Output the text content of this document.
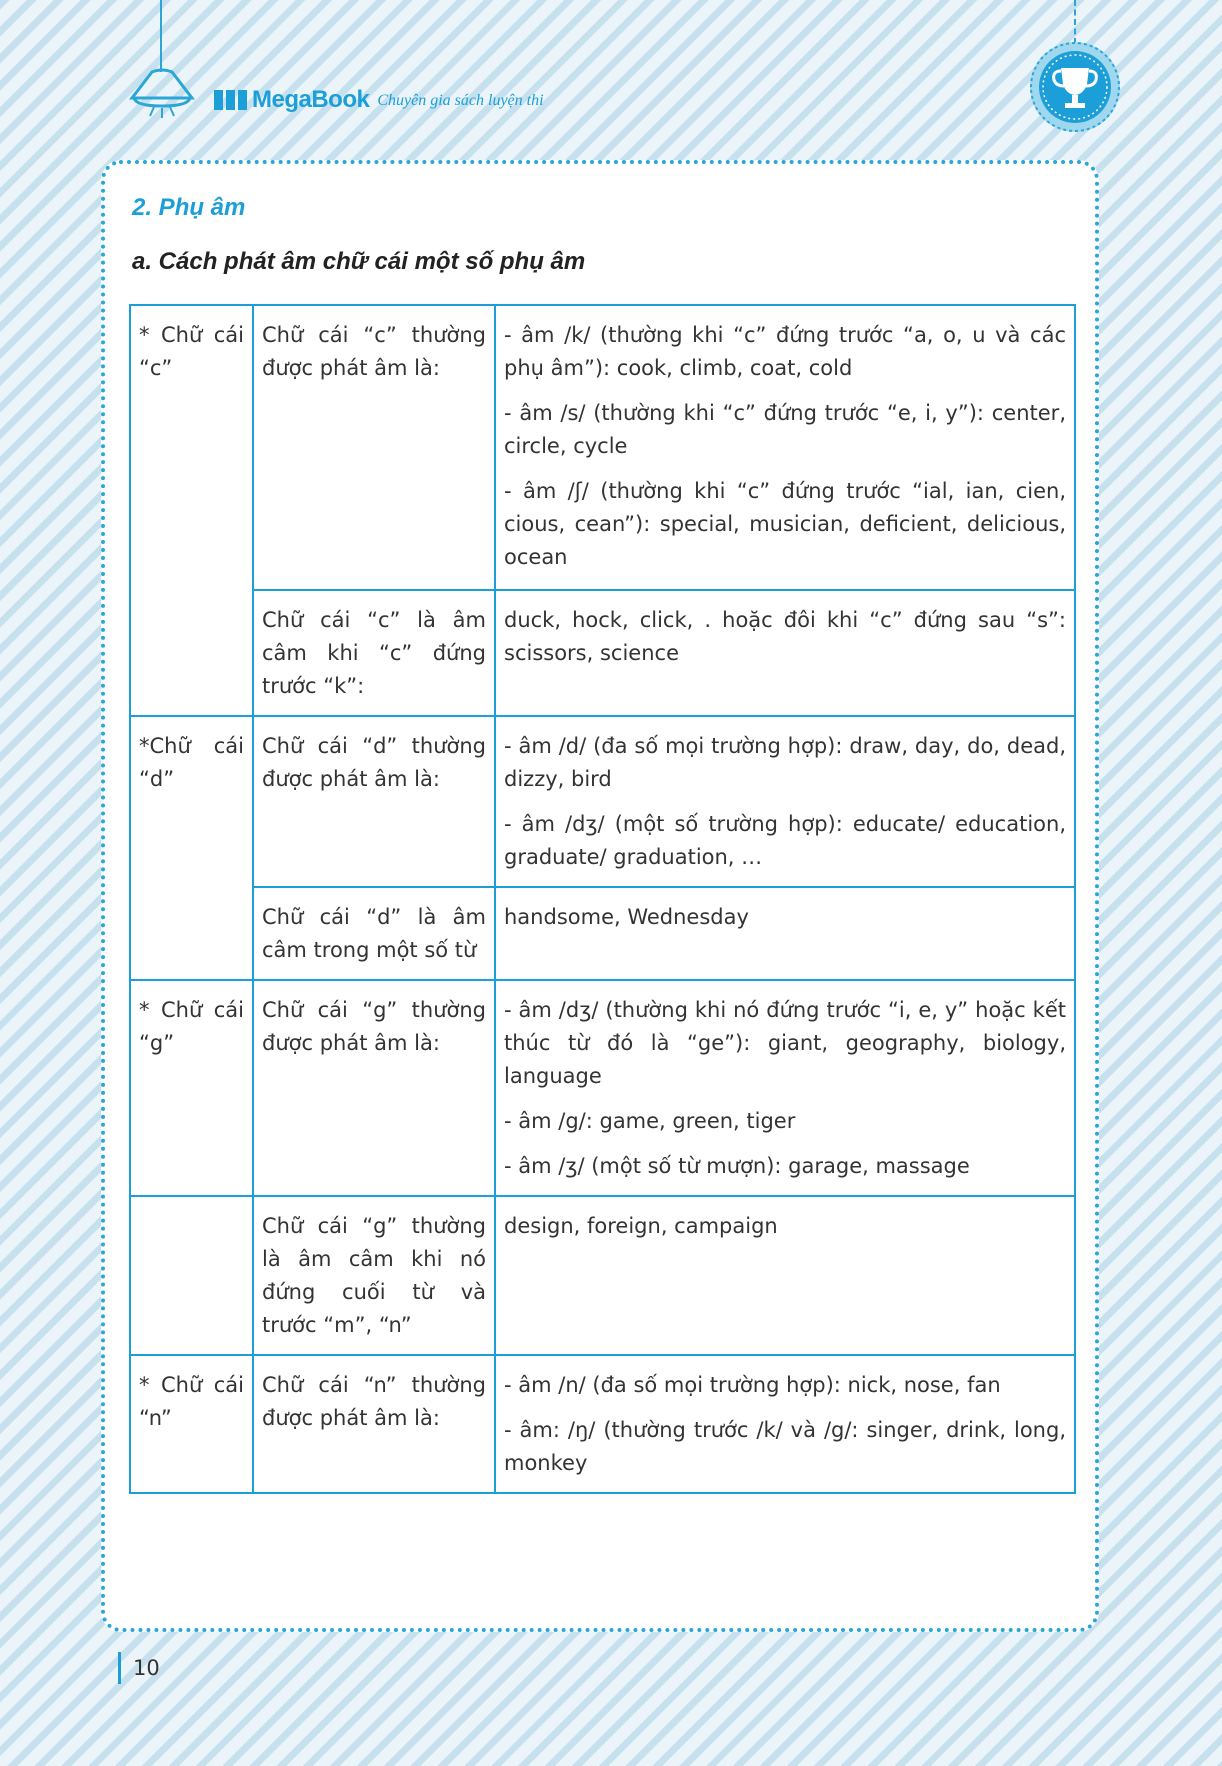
MegaBook Chuyên gia sách luyện thi
2. Phụ âm
a. Cách phát âm chữ cái một số phụ âm
* Chữ cái “c”	Chữ cái “c” thường được phát âm là:	- âm /k/ (thường khi “c” đứng trước “a, o, u và các phụ âm”): cook, climb, coat, cold

- âm /s/ (thường khi “c” đứng trước “e, i, y”): center, circle, cycle

- âm /ʃ/ (thường khi “c” đứng trước “ial, ian, cien, cious, cean”): special, musician, deficient, delicious, ocean

	Chữ cái “c” là âm câm khi “c” đứng trước “k”:	duck, hock, click, . hoặc đôi khi “c” đứng sau “s”: scissors, science
*Chữ cái “d”	Chữ cái “d” thường được phát âm là:	- âm /d/ (đa số mọi trường hợp): draw, day, do, dead, dizzy, bird

- âm /dʒ/ (một số trường hợp): educate/ education, graduate/ graduation, …

	Chữ cái “d” là âm câm trong một số từ	handsome, Wednesday
* Chữ cái “g”	Chữ cái “g” thường được phát âm là:	- âm /dʒ/ (thường khi nó đứng trước “i, e, y” hoặc kết thúc từ đó là “ge”): giant, geography, biology, language

- âm /g/: game, green, tiger

- âm /ʒ/ (một số từ mượn): garage, massage

	Chữ cái “g” thường là âm câm khi nó đứng cuối từ và trước “m”, “n”	design, foreign, campaign
* Chữ cái “n”	Chữ cái “n” thường được phát âm là:	- âm /n/ (đa số mọi trường hợp): nick, nose, fan

- âm: /ŋ/ (thường trước /k/ và /g/: singer, drink, long, monkey

10
